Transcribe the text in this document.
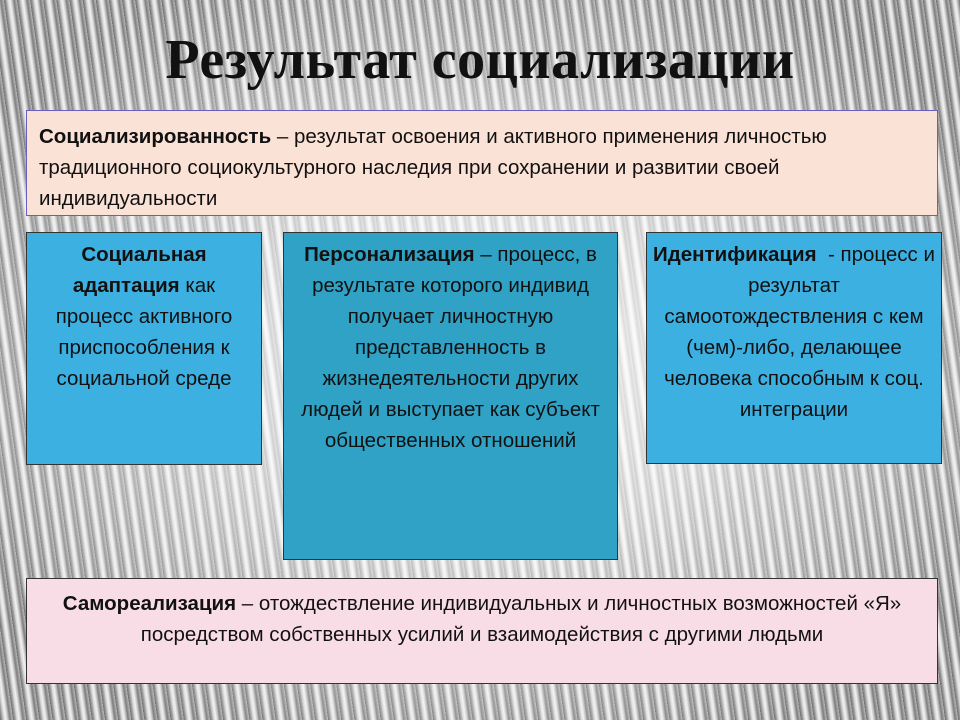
Результат социализации
Социализированность – результат освоения и активного применения личностью традиционного социокультурного наследия при сохранении и развитии своей индивидуальности
Социальная адаптация как процесс активного приспособления к социальной среде
Персонализация – процесс, в результате которого индивид получает личностную представленность в жизнедеятельности других людей и выступает как субъект общественных отношений
Идентификация  - процесс и результат самоотождествления с кем (чем)-либо, делающее человека способным к соц. интеграции
Самореализация – отождествление индивидуальных и личностных возможностей «Я» посредством собственных усилий и взаимодействия с другими людьми
